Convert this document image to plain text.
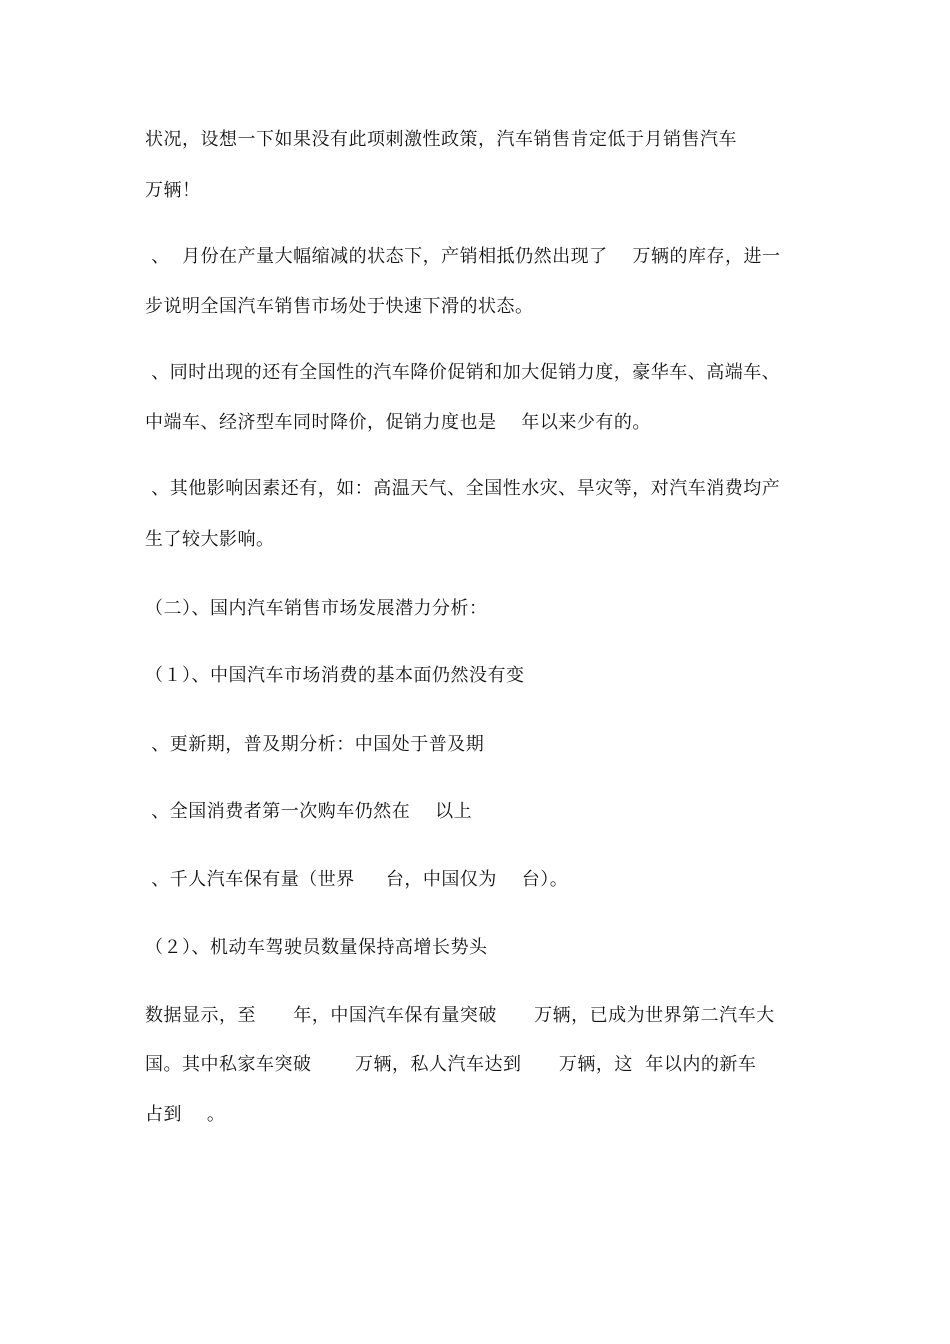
状况，设想一下如果没有此项刺激性政策，汽车销售肯定低于月销售汽车
万辆！
、  月份在产量大幅缩减的状态下，产销相抵仍然出现了    万辆的库存，进一
步说明全国汽车销售市场处于快速下滑的状态。
、同时出现的还有全国性的汽车降价促销和加大促销力度，豪华车、高端车、
中端车、经济型车同时降价，促销力度也是    年以来少有的。
、其他影响因素还有，如：高温天气、全国性水灾、旱灾等，对汽车消费均产
生了较大影响。
（二）、国内汽车销售市场发展潜力分析：
（１）、中国汽车市场消费的基本面仍然没有变
、更新期，普及期分析：中国处于普及期
、全国消费者第一次购车仍然在    以上
、千人汽车保有量（世界     台，中国仅为    台）。
（２）、机动车驾驶员数量保持高增长势头
数据显示，至      年，中国汽车保有量突破      万辆，已成为世界第二汽车大
国。其中私家车突破       万辆，私人汽车达到      万辆，这  年以内的新车
占到    。
